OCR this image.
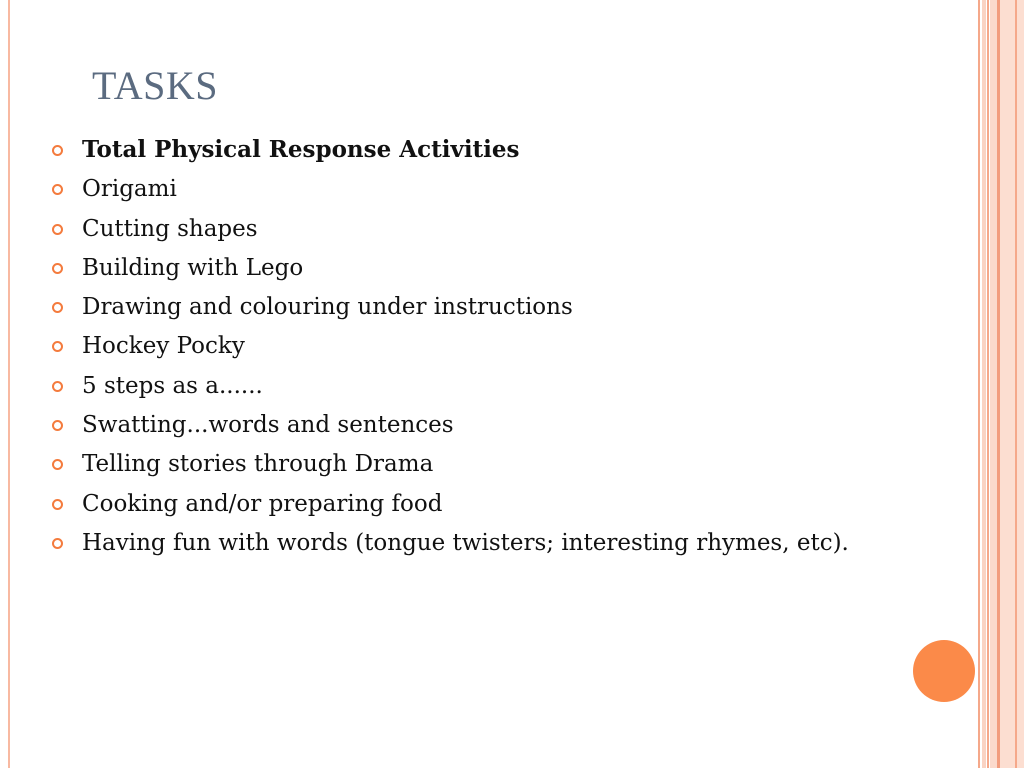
TASKS
Total Physical Response Activities
Origami
Cutting shapes
Building with Lego
Drawing and colouring under instructions
Hockey Pocky
5 steps as a......
Swatting...words and sentences
Telling stories through Drama
Cooking and/or preparing food
Having fun with words (tongue twisters; interesting rhymes, etc).
